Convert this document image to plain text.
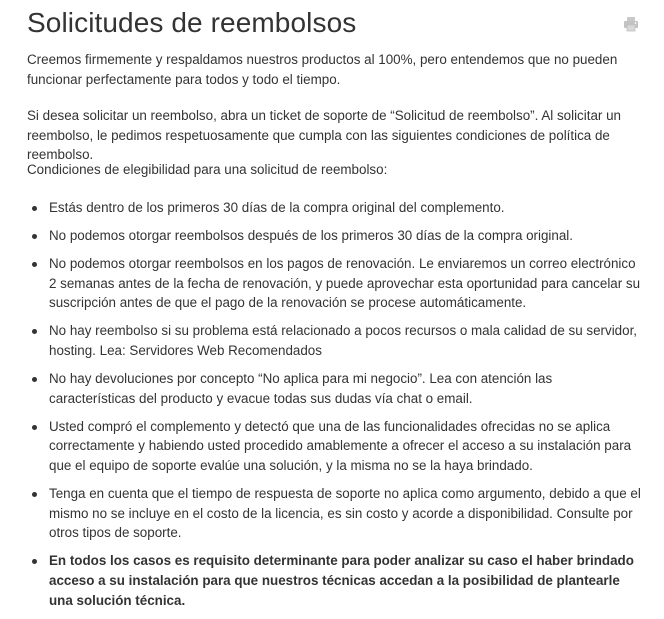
Solicitudes de reembolsos

Creemos firmemente y respaldamos nuestros productos al 100%, pero entendemos que no pueden funcionar perfectamente para todos y todo el tiempo.

Si desea solicitar un reembolso, abra un ticket de soporte de “Solicitud de reembolso”. Al solicitar un reembolso, le pedimos respetuosamente que cumpla con las siguientes condiciones de política de reembolso.

Condiciones de elegibilidad para una solicitud de reembolso:

Estás dentro de los primeros 30 días de la compra original del complemento.
No podemos otorgar reembolsos después de los primeros 30 días de la compra original.
No podemos otorgar reembolsos en los pagos de renovación. Le enviaremos un correo electrónico 2 semanas antes de la fecha de renovación, y puede aprovechar esta oportunidad para cancelar su suscripción antes de que el pago de la renovación se procese automáticamente.
No hay reembolso si su problema está relacionado a pocos recursos o mala calidad de su servidor, hosting. Lea: Servidores Web Recomendados
No hay devoluciones por concepto “No aplica para mi negocio”. Lea con atención las características del producto y evacue todas sus dudas vía chat o email.
Usted compró el complemento y detectó que una de las funcionalidades ofrecidas no se aplica correctamente y habiendo usted procedido amablemente a ofrecer el acceso a su instalación para que el equipo de soporte evalúe una solución, y la misma no se la haya brindado.
Tenga en cuenta que el tiempo de respuesta de soporte no aplica como argumento, debido a que el mismo no se incluye en el costo de la licencia, es sin costo y acorde a disponibilidad. Consulte por otros tipos de soporte.
En todos los casos es requisito determinante para poder analizar su caso el haber brindado acceso a su instalación para que nuestros técnicas accedan a la posibilidad de plantearle una solución técnica.
